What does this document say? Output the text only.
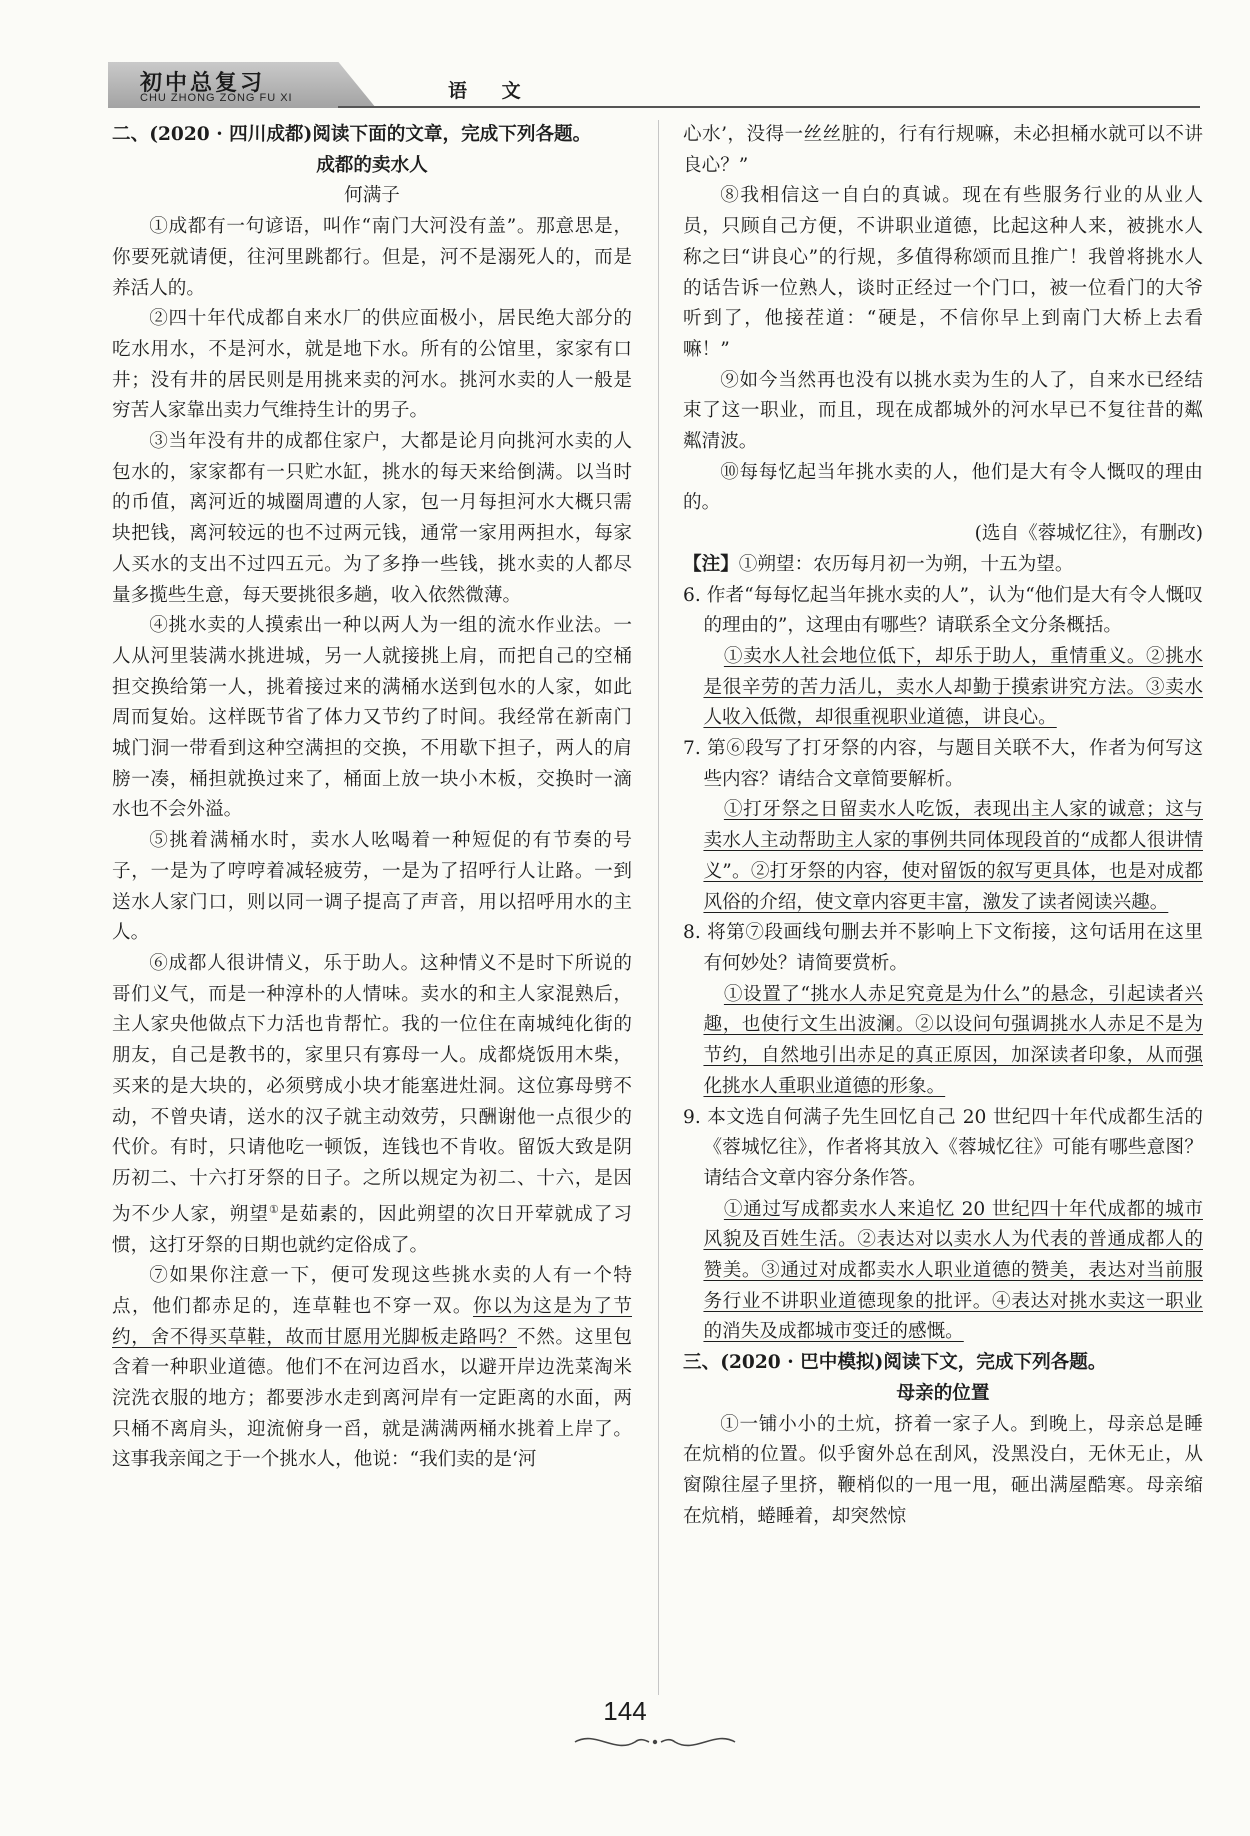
初中总复习
CHU ZHONG ZONG FU XI	语 文

二、(2020 · 四川成都)阅读下面的文章，完成下列各题。

成都的卖水人

何满子

①成都有一句谚语，叫作“南门大河没有盖”。那意思是，你要死就请便，往河里跳都行。但是，河不是溺死人的，而是养活人的。

②四十年代成都自来水厂的供应面极小，居民绝大部分的吃水用水，不是河水，就是地下水。所有的公馆里，家家有口井；没有井的居民则是用挑来卖的河水。挑河水卖的人一般是穷苦人家靠出卖力气维持生计的男子。

③当年没有井的成都住家户，大都是论月向挑河水卖的人包水的，家家都有一只贮水缸，挑水的每天来给倒满。以当时的币值，离河近的城圈周遭的人家，包一月每担河水大概只需块把钱，离河较远的也不过两元钱，通常一家用两担水，每家人买水的支出不过四五元。为了多挣一些钱，挑水卖的人都尽量多揽些生意，每天要挑很多趟，收入依然微薄。

④挑水卖的人摸索出一种以两人为一组的流水作业法。一人从河里装满水挑进城，另一人就接挑上肩，而把自己的空桶担交换给第一人，挑着接过来的满桶水送到包水的人家，如此周而复始。这样既节省了体力又节约了时间。我经常在新南门城门洞一带看到这种空满担的交换，不用歇下担子，两人的肩膀一凑，桶担就换过来了，桶面上放一块小木板，交换时一滴水也不会外溢。

⑤挑着满桶水时，卖水人吆喝着一种短促的有节奏的号子，一是为了哼哼着减轻疲劳，一是为了招呼行人让路。一到送水人家门口，则以同一调子提高了声音，用以招呼用水的主人。

⑥成都人很讲情义，乐于助人。这种情义不是时下所说的哥们义气，而是一种淳朴的人情味。卖水的和主人家混熟后，主人家央他做点下力活也肯帮忙。我的一位住在南城纯化街的朋友，自己是教书的，家里只有寡母一人。成都烧饭用木柴，买来的是大块的，必须劈成小块才能塞进灶洞。这位寡母劈不动，不曾央请，送水的汉子就主动效劳，只酬谢他一点很少的代价。有时，只请他吃一顿饭，连钱也不肯收。留饭大致是阴历初二、十六打牙祭的日子。之所以规定为初二、十六，是因为不少人家，朔望①是茹素的，因此朔望的次日开荤就成了习惯，这打牙祭的日期也就约定俗成了。

⑦如果你注意一下，便可发现这些挑水卖的人有一个特点，他们都赤足的，连草鞋也不穿一双。你以为这是为了节约，舍不得买草鞋，故而甘愿用光脚板走路吗？不然。这里包含着一种职业道德。他们不在河边舀水，以避开岸边洗菜淘米浣洗衣服的地方；都要涉水走到离河岸有一定距离的水面，两只桶不离肩头，迎流俯身一舀，就是满满两桶水挑着上岸了。这事我亲闻之于一个挑水人，他说：“我们卖的是‘河

心水’，没得一丝丝脏的，行有行规嘛，未必担桶水就可以不讲良心？”

⑧我相信这一自白的真诚。现在有些服务行业的从业人员，只顾自己方便，不讲职业道德，比起这种人来，被挑水人称之曰“讲良心”的行规，多值得称颂而且推广！我曾将挑水人的话告诉一位熟人，谈时正经过一个门口，被一位看门的大爷听到了，他接茬道：“硬是，不信你早上到南门大桥上去看嘛！”

⑨如今当然再也没有以挑水卖为生的人了，自来水已经结束了这一职业，而且，现在成都城外的河水早已不复往昔的粼粼清波。

⑩每每忆起当年挑水卖的人，他们是大有令人慨叹的理由的。

(选自《蓉城忆往》，有删改)

【注】①朔望：农历每月初一为朔，十五为望。

6. 作者“每每忆起当年挑水卖的人”，认为“他们是大有令人慨叹的理由的”，这理由有哪些？请联系全文分条概括。

①卖水人社会地位低下，却乐于助人，重情重义。②挑水是很辛劳的苦力活儿，卖水人却勤于摸索讲究方法。③卖水人收入低微，却很重视职业道德，讲良心。

7. 第⑥段写了打牙祭的内容，与题目关联不大，作者为何写这些内容？请结合文章简要解析。

①打牙祭之日留卖水人吃饭，表现出主人家的诚意；这与卖水人主动帮助主人家的事例共同体现段首的“成都人很讲情义”。②打牙祭的内容，使对留饭的叙写更具体，也是对成都风俗的介绍，使文章内容更丰富，激发了读者阅读兴趣。

8. 将第⑦段画线句删去并不影响上下文衔接，这句话用在这里有何妙处？请简要赏析。

①设置了“挑水人赤足究竟是为什么”的悬念，引起读者兴趣，也使行文生出波澜。②以设问句强调挑水人赤足不是为节约，自然地引出赤足的真正原因，加深读者印象，从而强化挑水人重职业道德的形象。

9. 本文选自何满子先生回忆自己 20 世纪四十年代成都生活的《蓉城忆往》，作者将其放入《蓉城忆往》可能有哪些意图？请结合文章内容分条作答。

①通过写成都卖水人来追忆 20 世纪四十年代成都的城市风貌及百姓生活。②表达对以卖水人为代表的普通成都人的赞美。③通过对成都卖水人职业道德的赞美，表达对当前服务行业不讲职业道德现象的批评。④表达对挑水卖这一职业的消失及成都城市变迁的感慨。

三、(2020 · 巴中模拟)阅读下文，完成下列各题。

母亲的位置

①一铺小小的土炕，挤着一家子人。到晚上，母亲总是睡在炕梢的位置。似乎窗外总在刮风，没黑没白，无休无止，从窗隙往屋子里挤，鞭梢似的一甩一甩，砸出满屋酷寒。母亲缩在炕梢，蜷睡着，却突然惊

144
